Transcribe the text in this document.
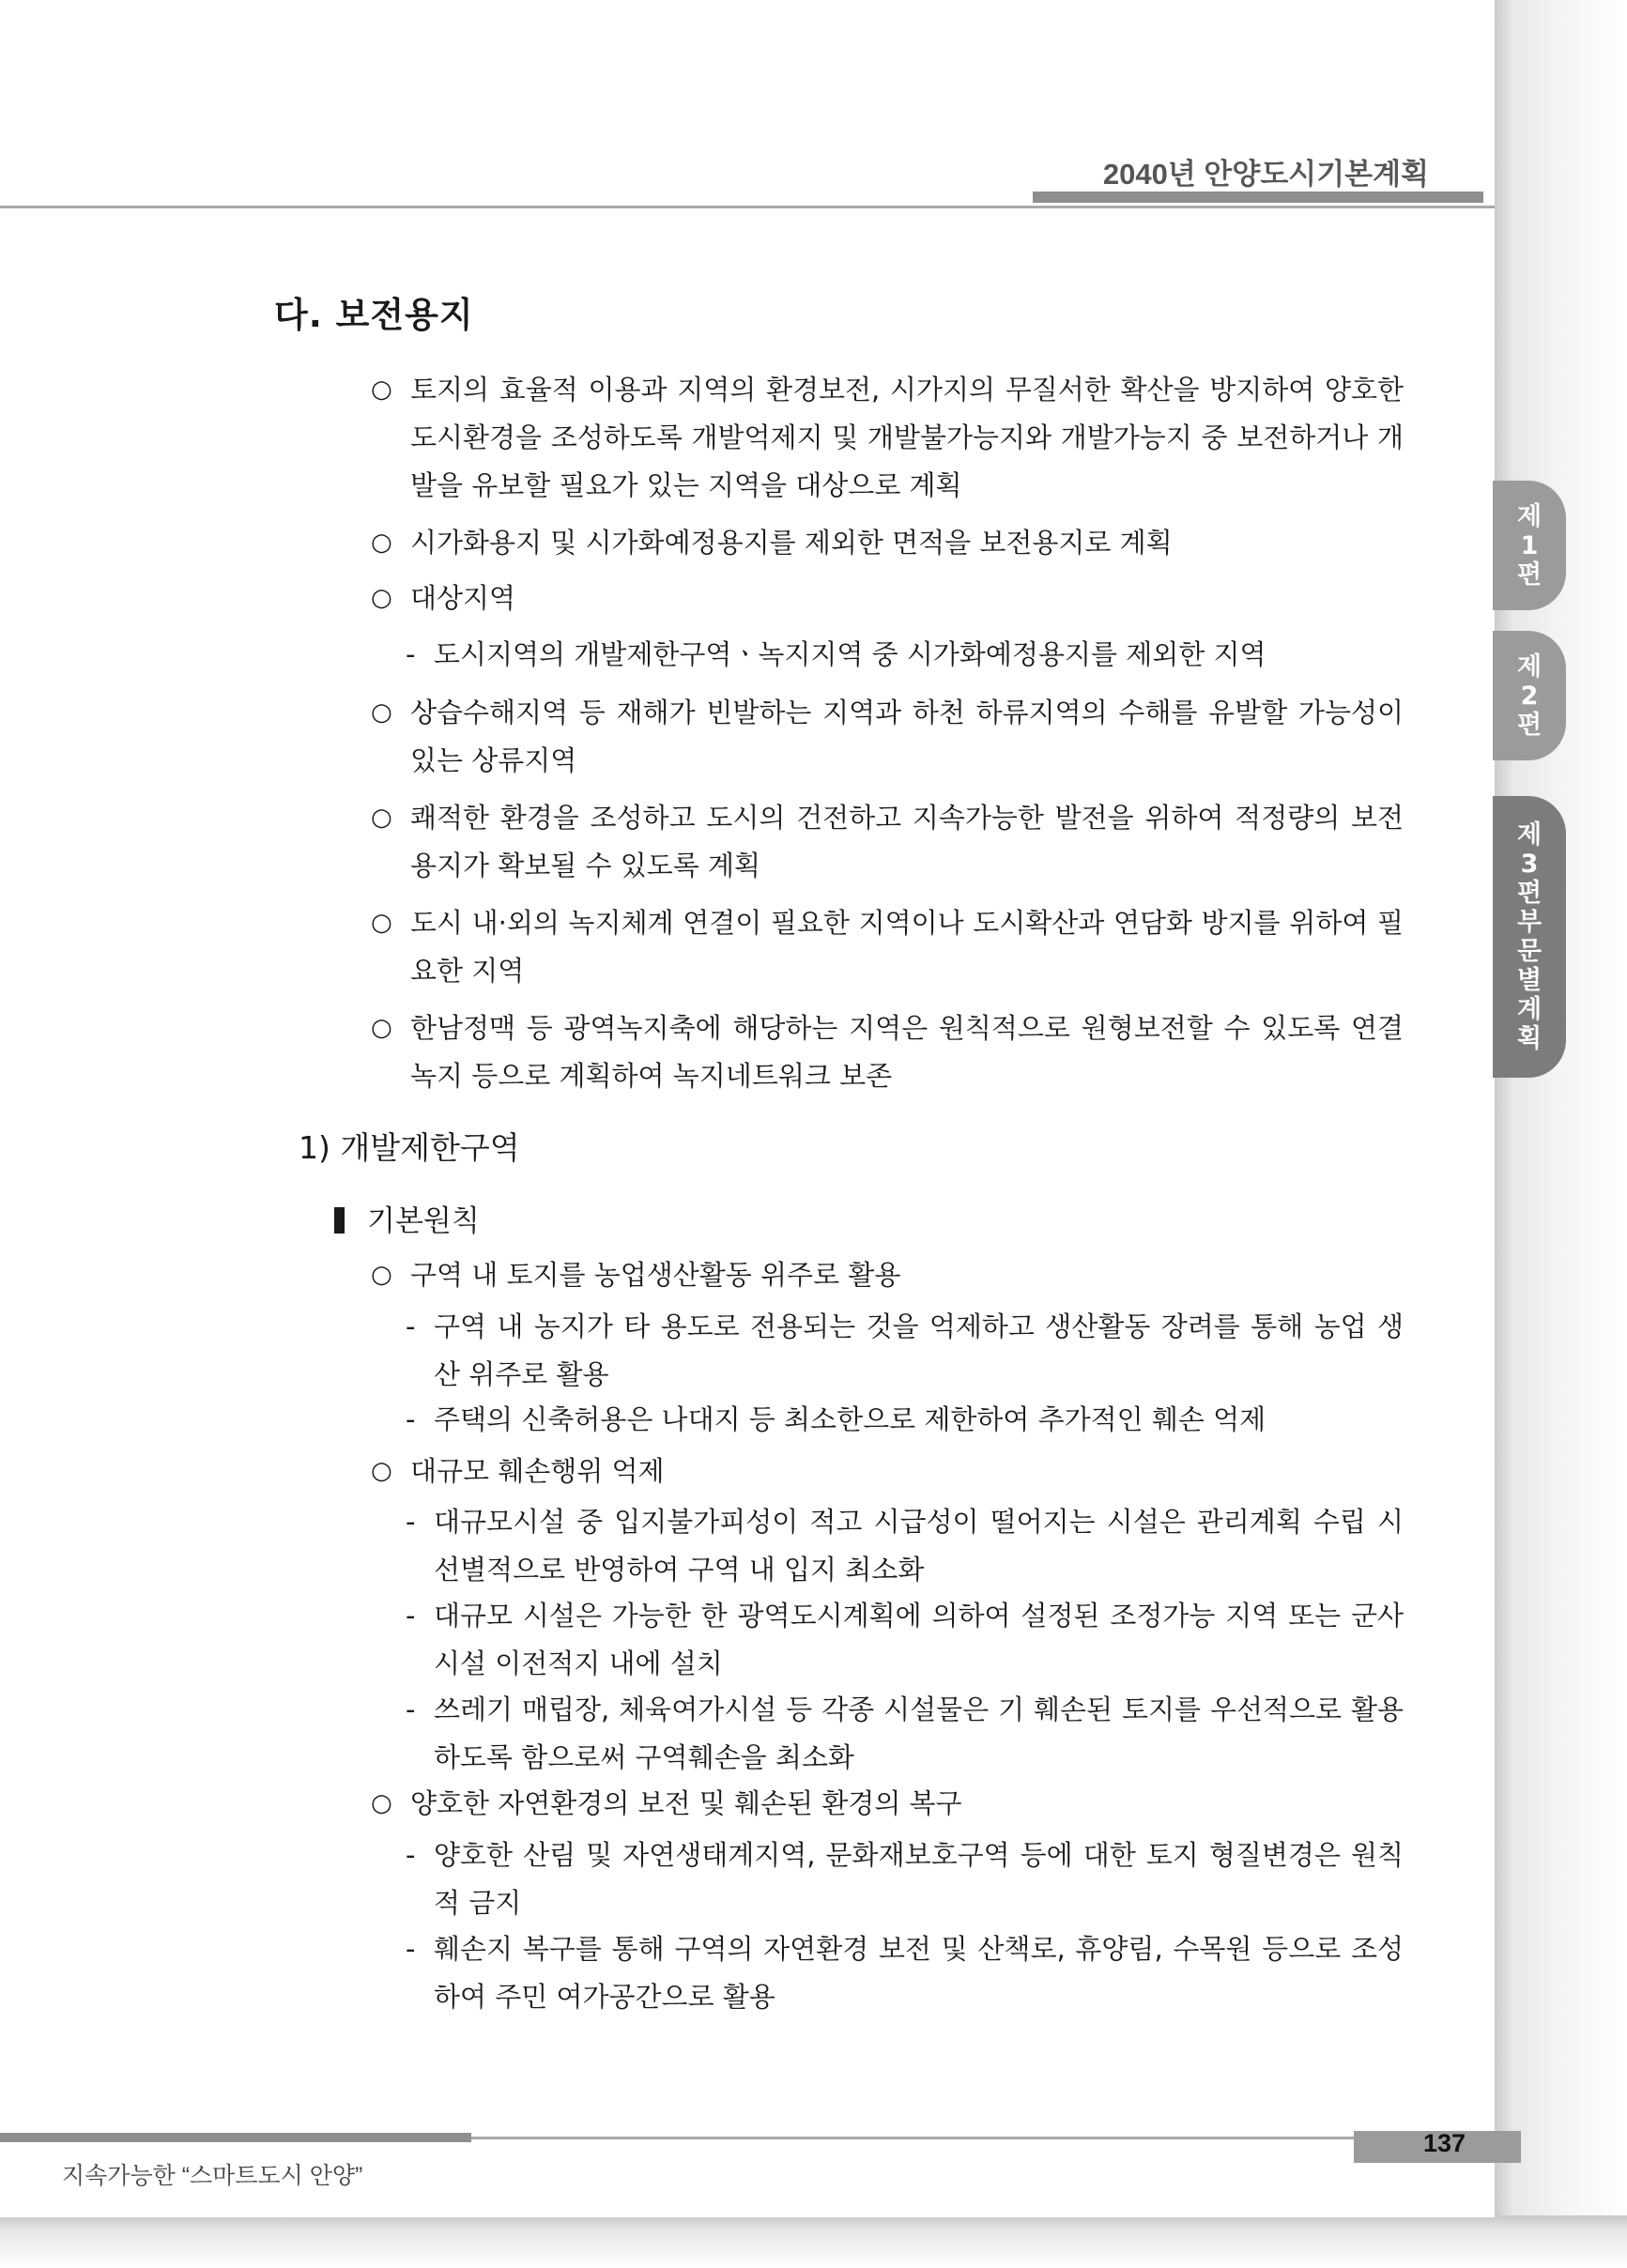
2040년 안양도시기본계획
다. 보전용지
○ 토지의 효율적 이용과 지역의 환경보전, 시가지의 무질서한 확산을 방지하여 양호한 도시환경을 조성하도록 개발억제지 및 개발불가능지와 개발가능지 중 보전하거나 개발을 유보할 필요가 있는 지역을 대상으로 계획
○ 시가화용지 및 시가화예정용지를 제외한 면적을 보전용지로 계획
○ 대상지역
- 도시지역의 개발제한구역ㆍ녹지지역 중 시가화예정용지를 제외한 지역
○ 상습수해지역 등 재해가 빈발하는 지역과 하천 하류지역의 수해를 유발할 가능성이 있는 상류지역
○ 쾌적한 환경을 조성하고 도시의 건전하고 지속가능한 발전을 위하여 적정량의 보전용지가 확보될 수 있도록 계획
○ 도시 내·외의 녹지체계 연결이 필요한 지역이나 도시확산과 연담화 방지를 위하여 필요한 지역
○ 한남정맥 등 광역녹지축에 해당하는 지역은 원칙적으로 원형보전할 수 있도록 연결녹지 등으로 계획하여 녹지네트워크 보존
1) 개발제한구역
기본원칙
○ 구역 내 토지를 농업생산활동 위주로 활용
- 구역 내 농지가 타 용도로 전용되는 것을 억제하고 생산활동 장려를 통해 농업 생산 위주로 활용
- 주택의 신축허용은 나대지 등 최소한으로 제한하여 추가적인 훼손 억제
○ 대규모 훼손행위 억제
- 대규모시설 중 입지불가피성이 적고 시급성이 떨어지는 시설은 관리계획 수립 시 선별적으로 반영하여 구역 내 입지 최소화
- 대규모 시설은 가능한 한 광역도시계획에 의하여 설정된 조정가능 지역 또는 군사시설 이전적지 내에 설치
- 쓰레기 매립장, 체육여가시설 등 각종 시설물은 기 훼손된 토지를 우선적으로 활용하도록 함으로써 구역훼손을 최소화
○ 양호한 자연환경의 보전 및 훼손된 환경의 복구
- 양호한 산림 및 자연생태계지역, 문화재보호구역 등에 대한 토지 형질변경은 원칙적 금지
- 훼손지 복구를 통해 구역의 자연환경 보전 및 산책로, 휴양림, 수목원 등으로 조성하여 주민 여가공간으로 활용
지속가능한 “스마트도시 안양”
137
제1편
제2편
제3편 부문별 계획
